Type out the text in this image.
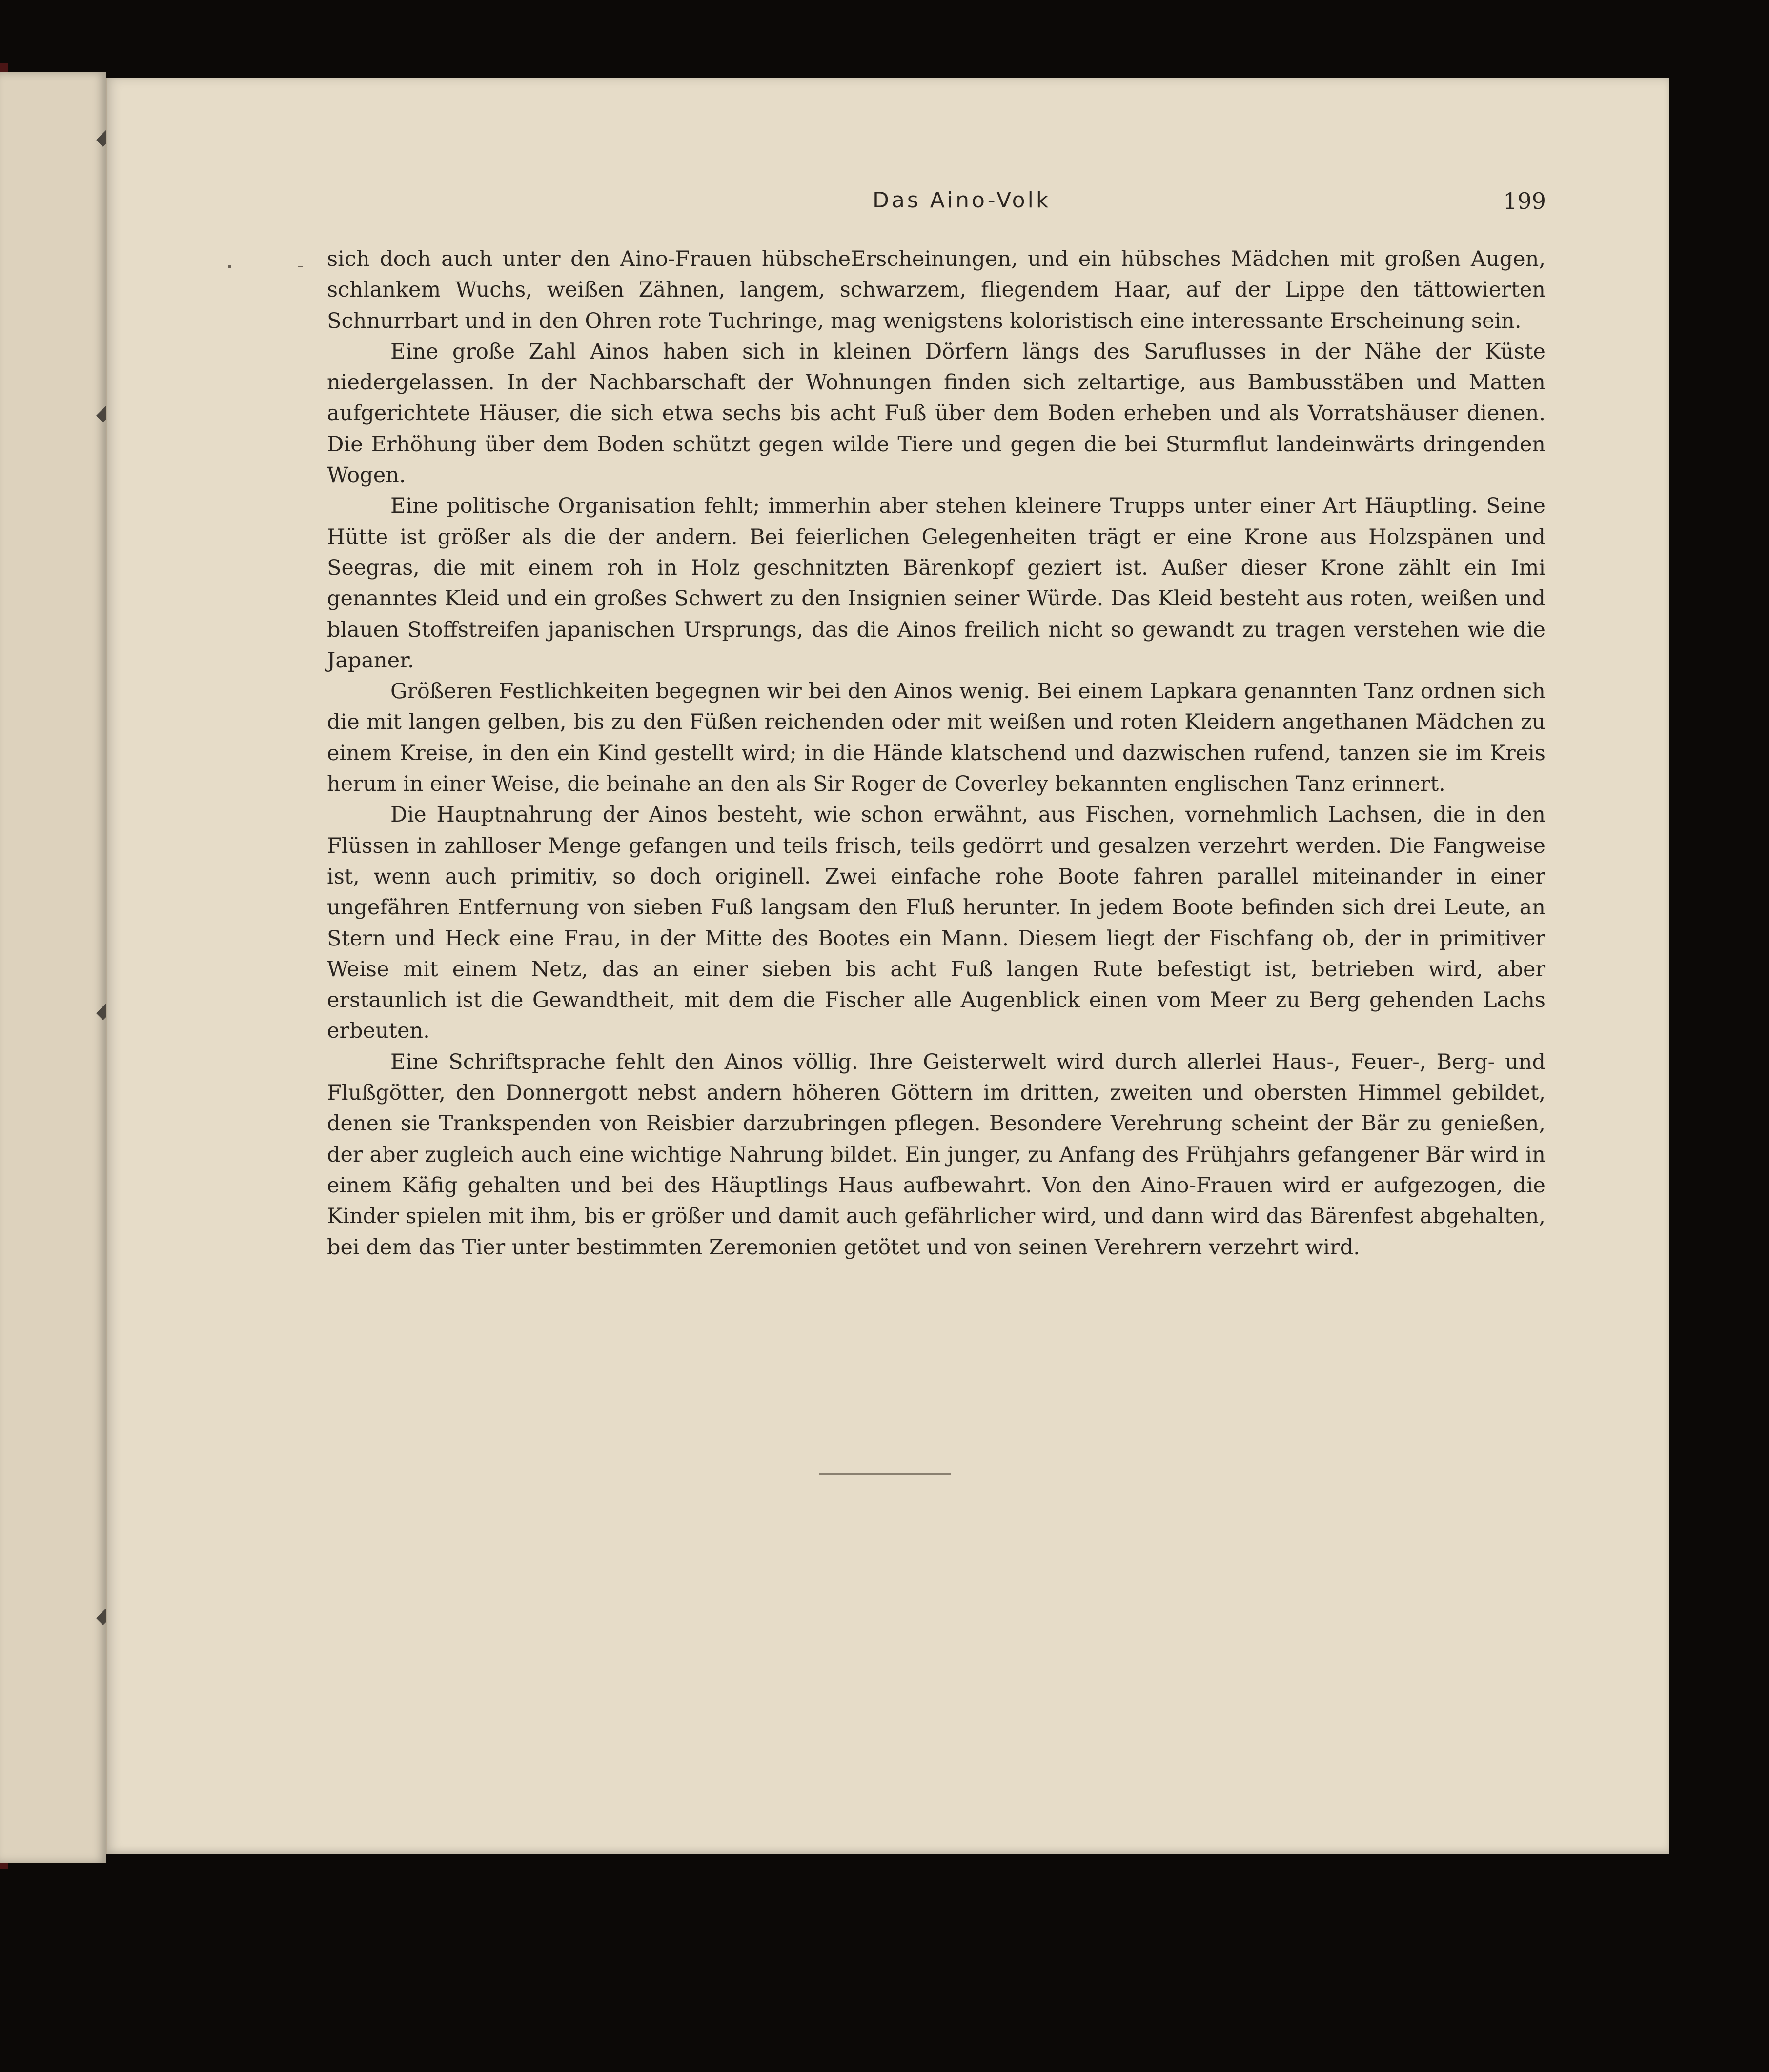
Das Aino-Volk	199

sich doch auch unter den Aino-Frauen hübscheErscheinungen, und ein hübsches Mädchen mit großen Augen, schlankem Wuchs, weißen Zähnen, langem, schwarzem, fliegendem Haar, auf der Lippe den tättowierten Schnurrbart und in den Ohren rote Tuchringe, mag wenigstens koloristisch eine interessante Erscheinung sein.

Eine große Zahl Ainos haben sich in kleinen Dörfern längs des Saruflusses in der Nähe der Küste niedergelassen. In der Nachbarschaft der Wohnungen finden sich zeltartige, aus Bambusstäben und Matten aufgerichtete Häuser, die sich etwa sechs bis acht Fuß über dem Boden erheben und als Vorratshäuser dienen. Die Erhöhung über dem Boden schützt gegen wilde Tiere und gegen die bei Sturmflut landeinwärts dringenden Wogen.

Eine politische Organisation fehlt; immerhin aber stehen kleinere Trupps unter einer Art Häuptling. Seine Hütte ist größer als die der andern. Bei feierlichen Gelegenheiten trägt er eine Krone aus Holzspänen und Seegras, die mit einem roh in Holz geschnitzten Bärenkopf geziert ist. Außer dieser Krone zählt ein Imi genanntes Kleid und ein großes Schwert zu den Insignien seiner Würde. Das Kleid besteht aus roten, weißen und blauen Stoffstreifen japanischen Ursprungs, das die Ainos freilich nicht so gewandt zu tragen verstehen wie die Japaner.

Größeren Festlichkeiten begegnen wir bei den Ainos wenig. Bei einem Lapkara genannten Tanz ordnen sich die mit langen gelben, bis zu den Füßen reichenden oder mit weißen und roten Kleidern angethanen Mädchen zu einem Kreise, in den ein Kind gestellt wird; in die Hände klatschend und dazwischen rufend, tanzen sie im Kreis herum in einer Weise, die beinahe an den als Sir Roger de Coverley bekannten englischen Tanz erinnert.

Die Hauptnahrung der Ainos besteht, wie schon erwähnt, aus Fischen, vornehmlich Lachsen, die in den Flüssen in zahlloser Menge gefangen und teils frisch, teils gedörrt und gesalzen verzehrt werden. Die Fangweise ist, wenn auch primitiv, so doch originell. Zwei einfache rohe Boote fahren parallel miteinander in einer ungefähren Entfernung von sieben Fuß langsam den Fluß herunter. In jedem Boote befinden sich drei Leute, an Stern und Heck eine Frau, in der Mitte des Bootes ein Mann. Diesem liegt der Fischfang ob, der in primitiver Weise mit einem Netz, das an einer sieben bis acht Fuß langen Rute befestigt ist, betrieben wird, aber erstaunlich ist die Gewandtheit, mit dem die Fischer alle Augenblick einen vom Meer zu Berg gehenden Lachs erbeuten.

Eine Schriftsprache fehlt den Ainos völlig. Ihre Geisterwelt wird durch allerlei Haus-, Feuer-, Berg- und Flußgötter, den Donnergott nebst andern höheren Göttern im dritten, zweiten und obersten Himmel gebildet, denen sie Trankspenden von Reisbier darzubringen pflegen. Besondere Verehrung scheint der Bär zu genießen, der aber zugleich auch eine wichtige Nahrung bildet. Ein junger, zu Anfang des Frühjahrs gefangener Bär wird in einem Käfig gehalten und bei des Häuptlings Haus aufbewahrt. Von den Aino-Frauen wird er aufgezogen, die Kinder spielen mit ihm, bis er größer und damit auch gefährlicher wird, und dann wird das Bärenfest abgehalten, bei dem das Tier unter bestimmten Zeremonien getötet und von seinen Verehrern verzehrt wird.
